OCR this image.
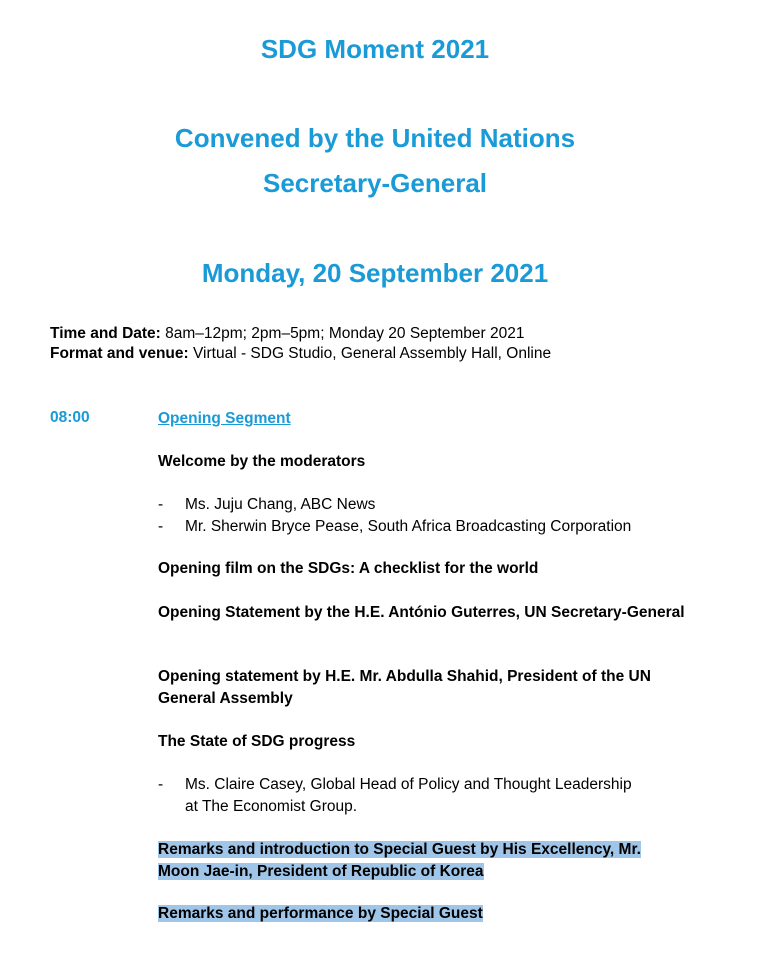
SDG Moment 2021
Convened by the United Nations
Secretary-General
Monday, 20 September 2021
Time and Date: 8am–12pm; 2pm–5pm; Monday 20 September 2021
Format and venue: Virtual - SDG Studio, General Assembly Hall, Online
08:00	Opening Segment
Welcome by the moderators
- Ms. Juju Chang, ABC News
- Mr. Sherwin Bryce Pease, South Africa Broadcasting Corporation
Opening film on the SDGs: A checklist for the world
Opening Statement by the H.E. António Guterres, UN Secretary-General
Opening statement by H.E. Mr. Abdulla Shahid, President of the UN General Assembly
The State of SDG progress
- Ms. Claire Casey, Global Head of Policy and Thought Leadership
at The Economist Group.
Remarks and introduction to Special Guest by His Excellency, Mr.
Moon Jae-in, President of Republic of Korea
Remarks and performance by Special Guest
